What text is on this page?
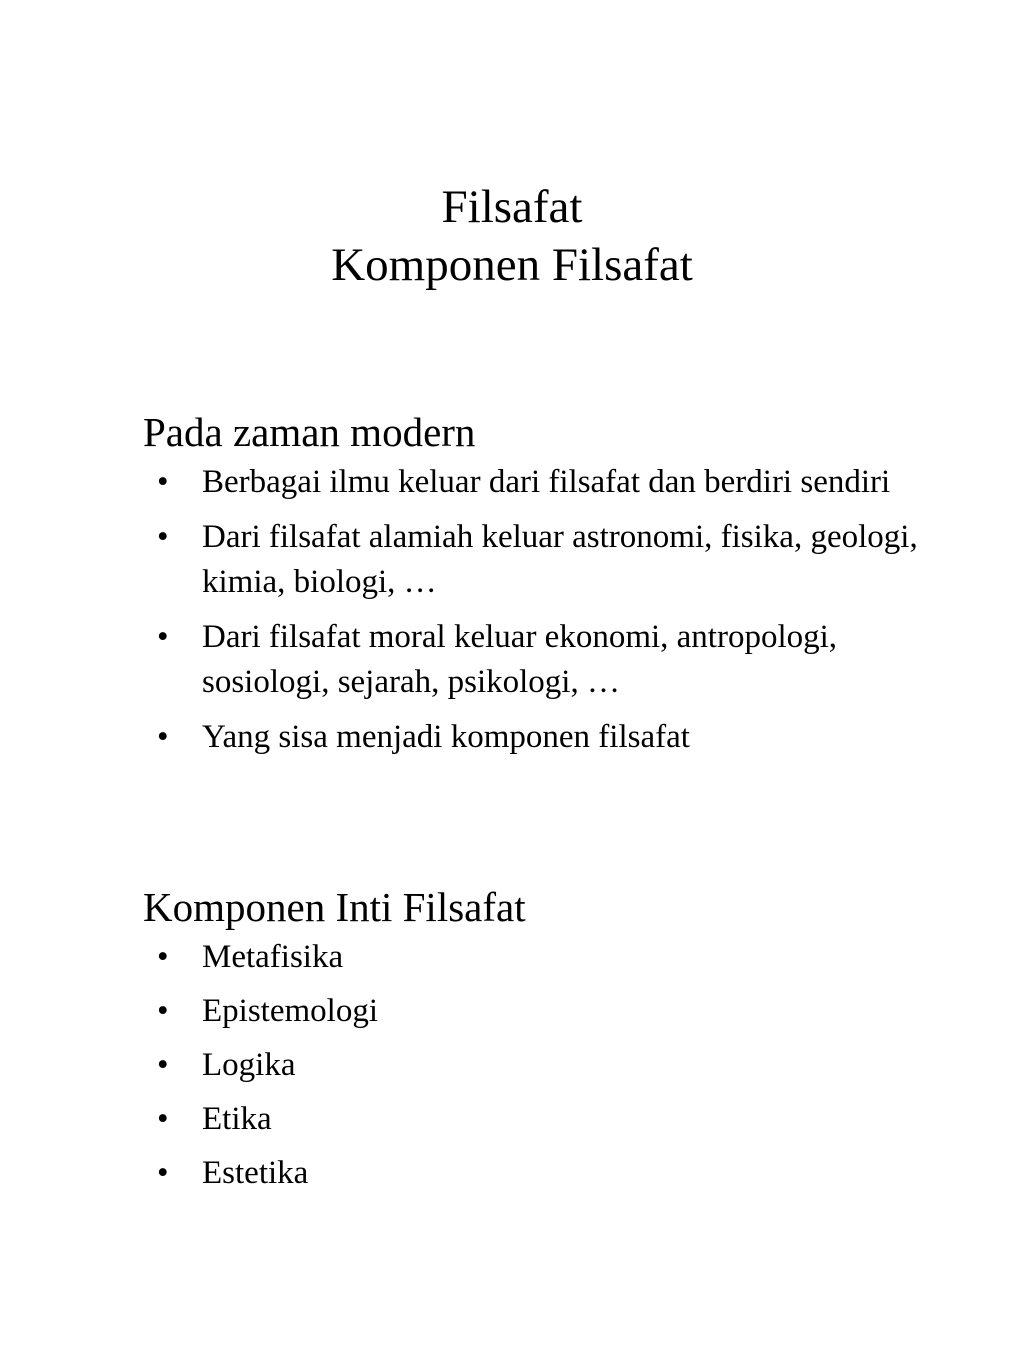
Filsafat
Komponen Filsafat
Pada zaman modern
• Berbagai ilmu keluar dari filsafat dan berdiri sendiri
• Dari filsafat alamiah keluar astronomi, fisika, geologi, kimia, biologi, …
• Dari filsafat moral keluar ekonomi, antropologi, sosiologi, sejarah, psikologi, …
• Yang sisa menjadi komponen filsafat
Komponen Inti Filsafat
• Metafisika
• Epistemologi
• Logika
• Etika
• Estetika
